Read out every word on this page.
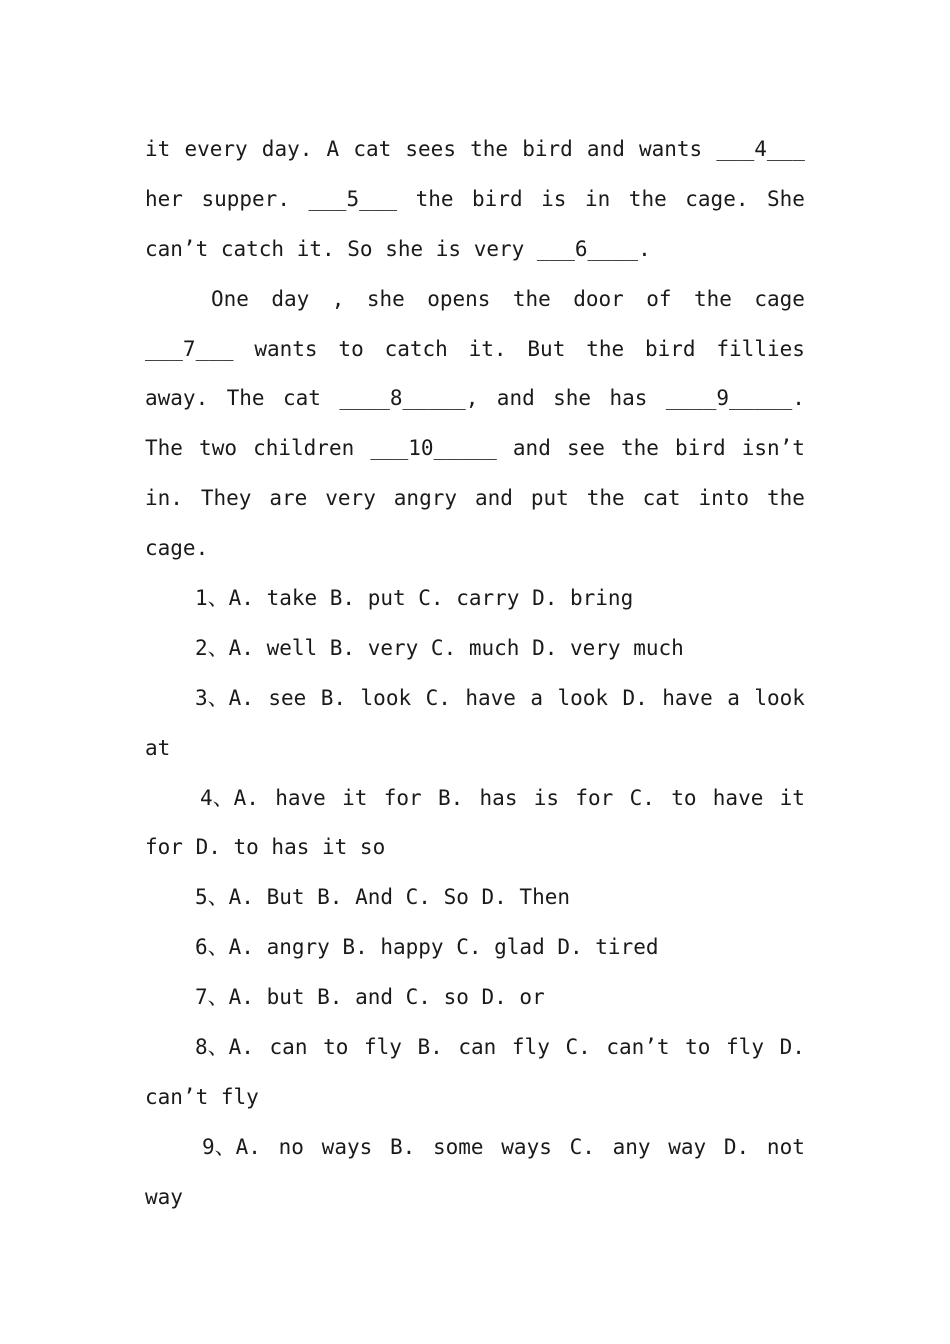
it every day. A cat sees the bird and wants ___4___
her supper. ___5___ the bird is in the cage. She
can’t catch it. So she is very ___6____.
One day , she opens the door of the cage
___7___ wants to catch it. But the bird fillies
away. The cat ____8_____, and she has ____9_____.
The two children ___10_____ and see the bird isn’t
in. They are very angry and put the cat into the
cage.
1、A. take B. put C. carry D. bring
2、A. well B. very C. much D. very much
3、A. see B. look C. have a look D. have a look
at
4、A. have it for B. has is for C. to have it
for D. to has it so
5、A. But B. And C. So D. Then
6、A. angry B. happy C. glad D. tired
7、A. but B. and C. so D. or
8、A. can to fly B. can fly C. can’t to fly D.
can’t fly
9、A. no ways B. some ways C. any way D. not
way
